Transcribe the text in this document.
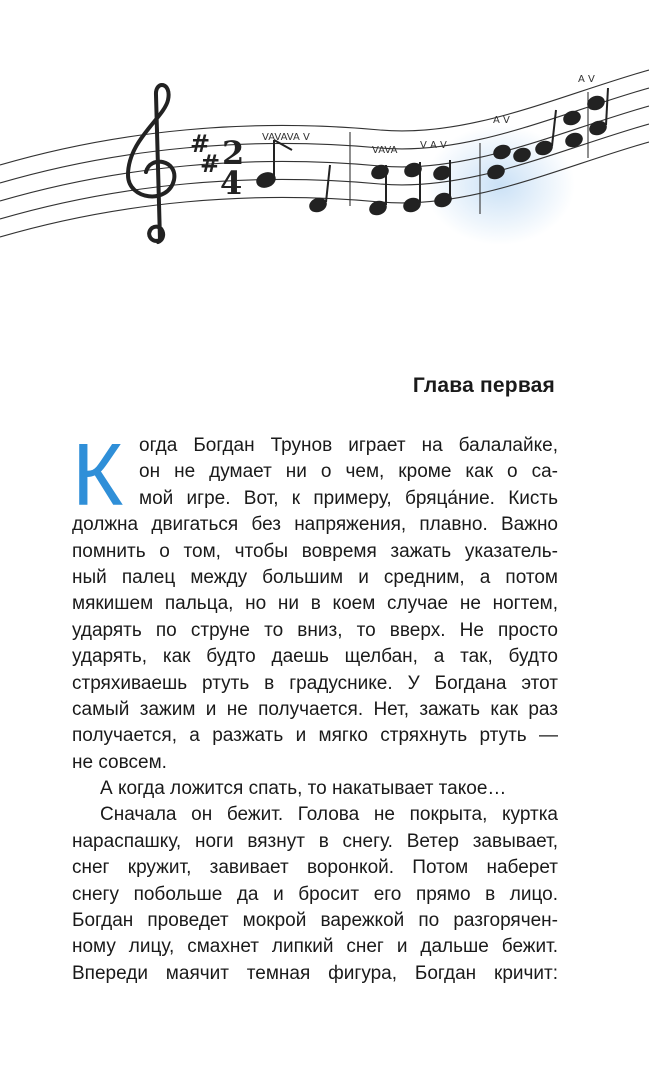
#
# 2
4
VAVAVA V
VAVA V A V
A V
A V
Глава первая
К огда Богдан Трунов играет на балалайке,
он не думает ни о чем, кроме как о са-
мой игре. Вот, к примеру, бряца́ние. Кисть
должна двигаться без напряжения, плавно. Важно
помнить о том, чтобы вовремя зажать указатель-
ный палец между большим и средним, а потом
мякишем пальца, но ни в коем случае не ногтем,
ударять по струне то вниз, то вверх. Не просто
ударять, как будто даешь щелбан, а так, будто
стряхиваешь ртуть в градуснике. У Богдана этот
самый зажим и не получается. Нет, зажать как раз
получается, а разжать и мягко стряхнуть ртуть —
не совсем.
А когда ложится спать, то накатывает такое…
Сначала он бежит. Голова не покрыта, куртка
нараспашку, ноги вязнут в снегу. Ветер завывает,
снег кружит, завивает воронкой. Потом наберет
снегу побольше да и бросит его прямо в лицо.
Богдан проведет мокрой варежкой по разгорячен-
ному лицу, смахнет липкий снег и дальше бежит.
Впереди маячит темная фигура, Богдан кричит:
